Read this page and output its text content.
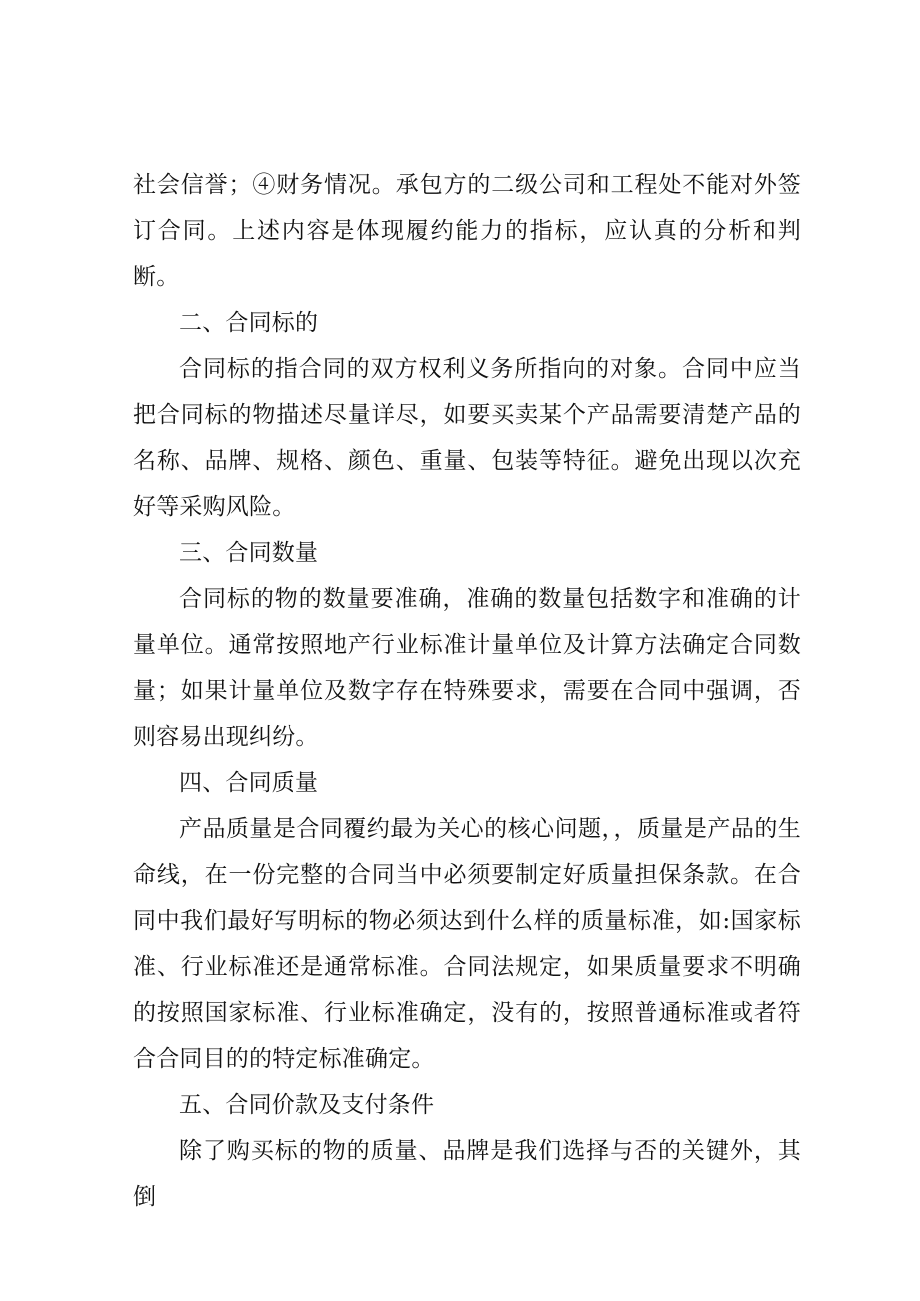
社会信誉；④财务情况。承包方的二级公司和工程处不能对外签订合同。上述内容是体现履约能力的指标，应认真的分析和判断。

二、合同标的

合同标的指合同的双方权利义务所指向的对象。合同中应当把合同标的物描述尽量详尽，如要买卖某个产品需要清楚产品的名称、品牌、规格、颜色、重量、包装等特征。避免出现以次充好等采购风险。

三、合同数量

合同标的物的数量要准确，准确的数量包括数字和准确的计量单位。通常按照地产行业标准计量单位及计算方法确定合同数量；如果计量单位及数字存在特殊要求，需要在合同中强调，否则容易出现纠纷。

四、合同质量

产品质量是合同覆约最为关心的核心问题，，质量是产品的生命线，在一份完整的合同当中必须要制定好质量担保条款。在合同中我们最好写明标的物必须达到什么样的质量标准，如:国家标准、行业标准还是通常标准。合同法规定，如果质量要求不明确的按照国家标准、行业标准确定，没有的，按照普通标准或者符合合同目的的特定标准确定。

五、合同价款及支付条件

除了购买标的物的质量、品牌是我们选择与否的关键外，其倒
